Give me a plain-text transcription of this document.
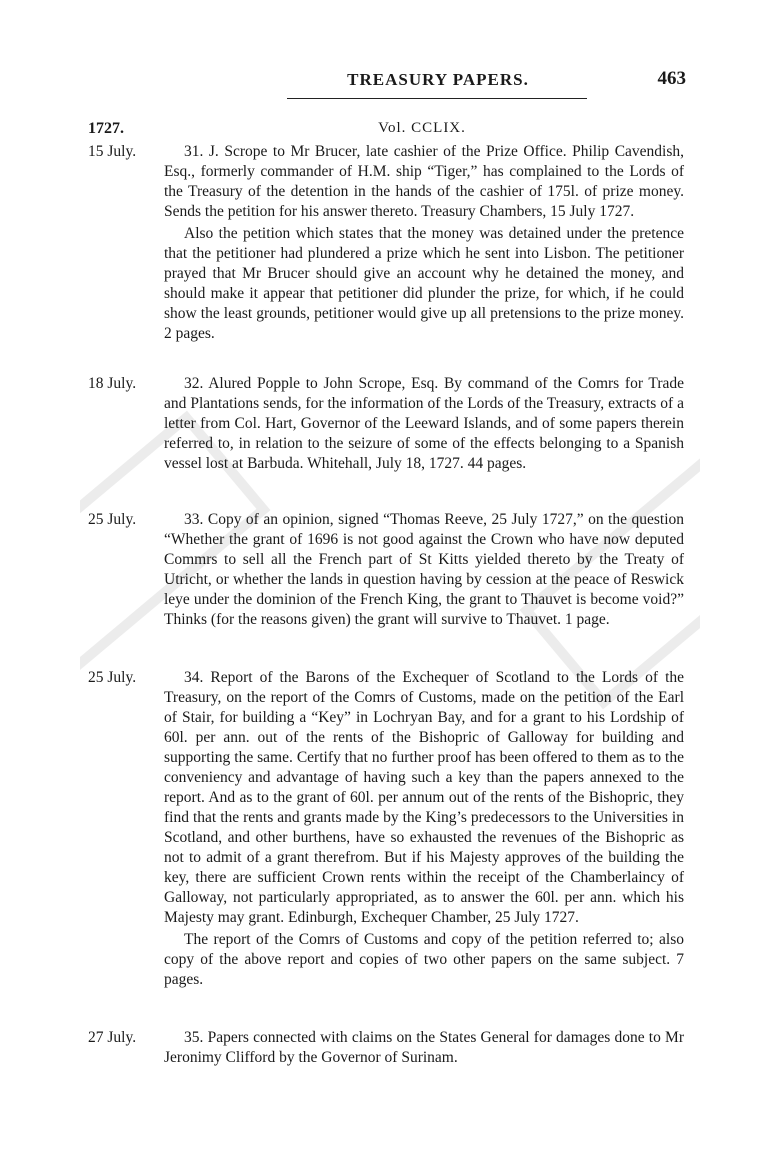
TREASURY PAPERS.	463
1727.	Vol. CCLIX.
15 July.	31. J. Scrope to Mr Brucer, late cashier of the Prize Office. Philip Cavendish, Esq., formerly commander of H.M. ship “Tiger,” has complained to the Lords of the Treasury of the detention in the hands of the cashier of 175l. of prize money. Sends the petition for his answer thereto. Treasury Chambers, 15 July 1727.

Also the petition which states that the money was detained under the pretence that the petitioner had plundered a prize which he sent into Lisbon. The petitioner prayed that Mr Brucer should give an account why he detained the money, and should make it appear that petitioner did plunder the prize, for which, if he could show the least grounds, petitioner would give up all pretensions to the prize money. 2 pages.

18 July.	32. Alured Popple to John Scrope, Esq. By command of the Comrs for Trade and Plantations sends, for the information of the Lords of the Treasury, extracts of a letter from Col. Hart, Governor of the Leeward Islands, and of some papers therein referred to, in relation to the seizure of some of the effects belonging to a Spanish vessel lost at Barbuda. Whitehall, July 18, 1727. 44 pages.

25 July.	33. Copy of an opinion, signed “Thomas Reeve, 25 July 1727,” on the question “Whether the grant of 1696 is not good against the Crown who have now deputed Commrs to sell all the French part of St Kitts yielded thereto by the Treaty of Utricht, or whether the lands in question having by cession at the peace of Reswick leye under the dominion of the French King, the grant to Thauvet is become void?” Thinks (for the reasons given) the grant will survive to Thauvet. 1 page.

25 July.	34. Report of the Barons of the Exchequer of Scotland to the Lords of the Treasury, on the report of the Comrs of Customs, made on the petition of the Earl of Stair, for building a “Key” in Lochryan Bay, and for a grant to his Lordship of 60l. per ann. out of the rents of the Bishopric of Galloway for building and supporting the same. Certify that no further proof has been offered to them as to the conveniency and advantage of having such a key than the papers annexed to the report. And as to the grant of 60l. per annum out of the rents of the Bishopric, they find that the rents and grants made by the King’s predecessors to the Universities in Scotland, and other burthens, have so exhausted the revenues of the Bishopric as not to admit of a grant therefrom. But if his Majesty approves of the building the key, there are sufficient Crown rents within the receipt of the Chamberlaincy of Galloway, not particularly appropriated, as to answer the 60l. per ann. which his Majesty may grant. Edinburgh, Exchequer Chamber, 25 July 1727.

The report of the Comrs of Customs and copy of the petition referred to; also copy of the above report and copies of two other papers on the same subject. 7 pages.

27 July.	35. Papers connected with claims on the States General for damages done to Mr Jeronimy Clifford by the Governor of Surinam.
